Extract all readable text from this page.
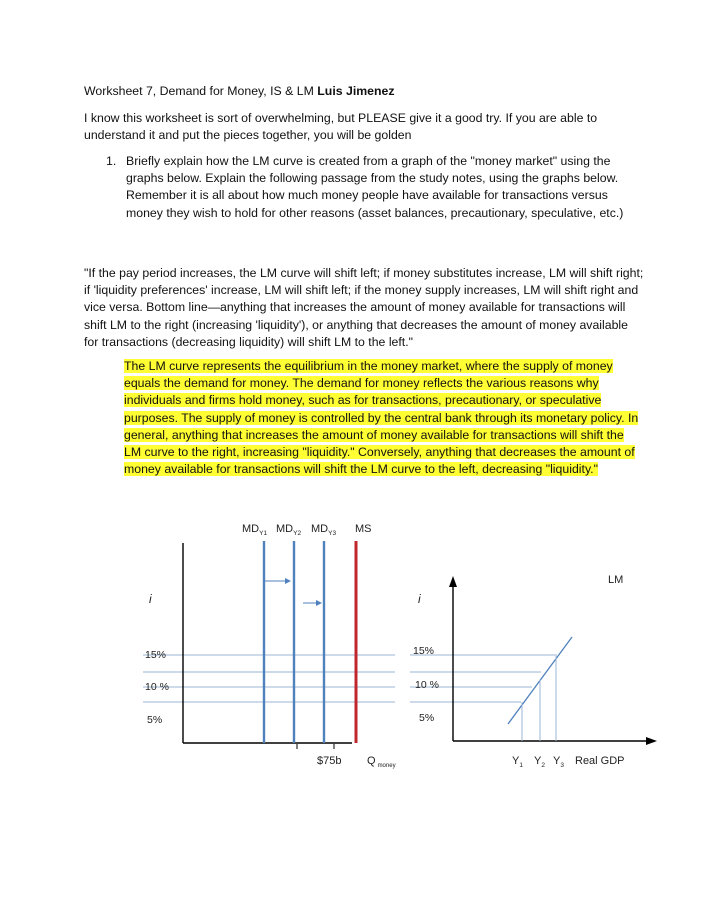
Worksheet 7, Demand for Money, IS & LM Luis Jimenez
I know this worksheet is sort of overwhelming, but PLEASE give it a good try. If you are able to understand it and put the pieces together, you will be golden
1. Briefly explain how the LM curve is created from a graph of the "money market" using the graphs below. Explain the following passage from the study notes, using the graphs below. Remember it is all about how much money people have available for transactions versus money they wish to hold for other reasons (asset balances, precautionary, speculative, etc.)
"If the pay period increases, the LM curve will shift left; if money substitutes increase, LM will shift right; if 'liquidity preferences' increase, LM will shift left; if the money supply increases, LM will shift right and vice versa. Bottom line—anything that increases the amount of money available for transactions will shift LM to the right (increasing 'liquidity'), or anything that decreases the amount of money available for transactions (decreasing liquidity) will shift LM to the left."
The LM curve represents the equilibrium in the money market, where the supply of money equals the demand for money. The demand for money reflects the various reasons why individuals and firms hold money, such as for transactions, precautionary, or speculative purposes. The supply of money is controlled by the central bank through its monetary policy. In general, anything that increases the amount of money available for transactions will shift the LM curve to the right, increasing "liquidity." Conversely, anything that decreases the amount of money available for transactions will shift the LM curve to the left, decreasing "liquidity."
i
15%
10 %
5%
$MD_{Y1}$ $MD_{Y2}$ $MD_{Y3}$ MS
$75b Q $_{money}$
i
LM
15%
10 %
5%
$Y_1$ $Y_2$ $Y_3$ Real GDP
